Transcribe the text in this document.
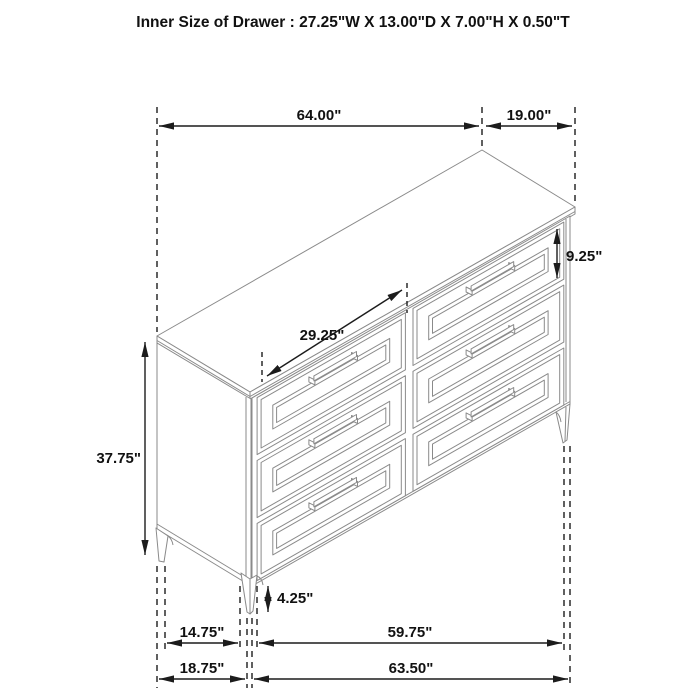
64.00"	19.00"
9.25"
29.25"
37.75"
4.25"
14.75"	59.75"
18.75"	63.50"
Inner Size of Drawer : 27.25"W X 13.00"D X 7.00"H X 0.50"T
